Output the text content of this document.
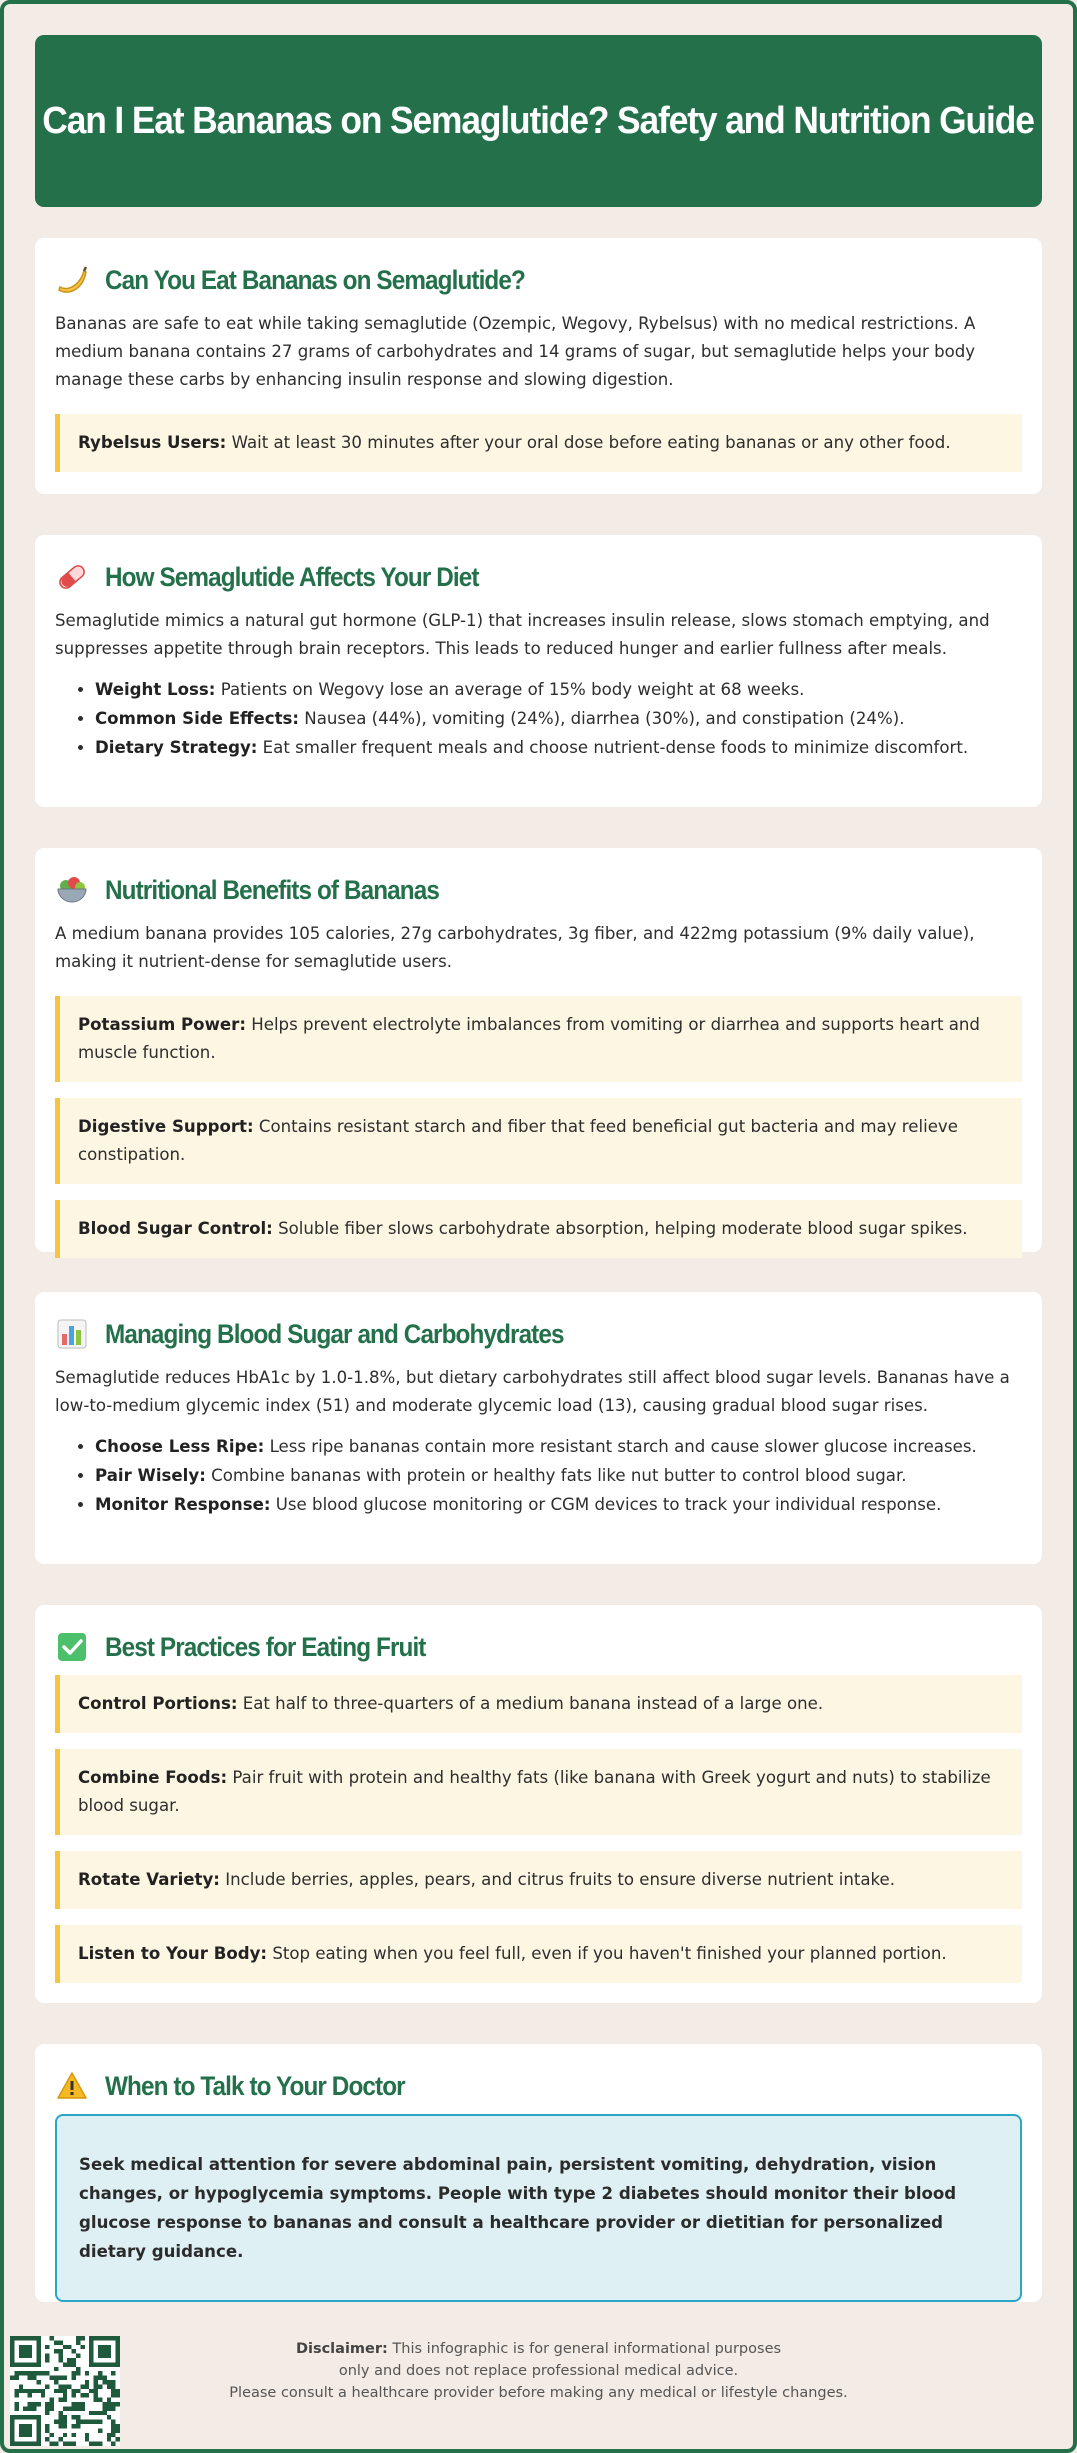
Can I Eat Bananas on Semaglutide? Safety and Nutrition Guide
Can You Eat Bananas on Semaglutide?

Bananas are safe to eat while taking semaglutide (Ozempic, Wegovy, Rybelsus) with no medical restrictions. A medium banana contains 27 grams of carbohydrates and 14 grams of sugar, but semaglutide helps your body manage these carbs by enhancing insulin response and slowing digestion.

Rybelsus Users: Wait at least 30 minutes after your oral dose before eating bananas or any other food.
How Semaglutide Affects Your Diet

Semaglutide mimics a natural gut hormone (GLP-1) that increases insulin release, slows stomach emptying, and suppresses appetite through brain receptors. This leads to reduced hunger and earlier fullness after meals.

• Weight Loss: Patients on Wegovy lose an average of 15% body weight at 68 weeks.
• Common Side Effects: Nausea (44%), vomiting (24%), diarrhea (30%), and constipation (24%).
• Dietary Strategy: Eat smaller frequent meals and choose nutrient-dense foods to minimize discomfort.
Nutritional Benefits of Bananas

A medium banana provides 105 calories, 27g carbohydrates, 3g fiber, and 422mg potassium (9% daily value), making it nutrient-dense for semaglutide users.

Potassium Power: Helps prevent electrolyte imbalances from vomiting or diarrhea and supports heart and muscle function.
Digestive Support: Contains resistant starch and fiber that feed beneficial gut bacteria and may relieve constipation.
Blood Sugar Control: Soluble fiber slows carbohydrate absorption, helping moderate blood sugar spikes.
Managing Blood Sugar and Carbohydrates

Semaglutide reduces HbA1c by 1.0-1.8%, but dietary carbohydrates still affect blood sugar levels. Bananas have a low-to-medium glycemic index (51) and moderate glycemic load (13), causing gradual blood sugar rises.

• Choose Less Ripe: Less ripe bananas contain more resistant starch and cause slower glucose increases.
• Pair Wisely: Combine bananas with protein or healthy fats like nut butter to control blood sugar.
• Monitor Response: Use blood glucose monitoring or CGM devices to track your individual response.
Best Practices for Eating Fruit
Control Portions: Eat half to three-quarters of a medium banana instead of a large one.
Combine Foods: Pair fruit with protein and healthy fats (like banana with Greek yogurt and nuts) to stabilize blood sugar.
Rotate Variety: Include berries, apples, pears, and citrus fruits to ensure diverse nutrient intake.
Listen to Your Body: Stop eating when you feel full, even if you haven't finished your planned portion.
When to Talk to Your Doctor
Seek medical attention for severe abdominal pain, persistent vomiting, dehydration, vision changes, or hypoglycemia symptoms. People with type 2 diabetes should monitor their blood glucose response to bananas and consult a healthcare provider or dietitian for personalized dietary guidance.
Disclaimer: This infographic is for general informational purposes
only and does not replace professional medical advice.
Please consult a healthcare provider before making any medical or lifestyle changes.
